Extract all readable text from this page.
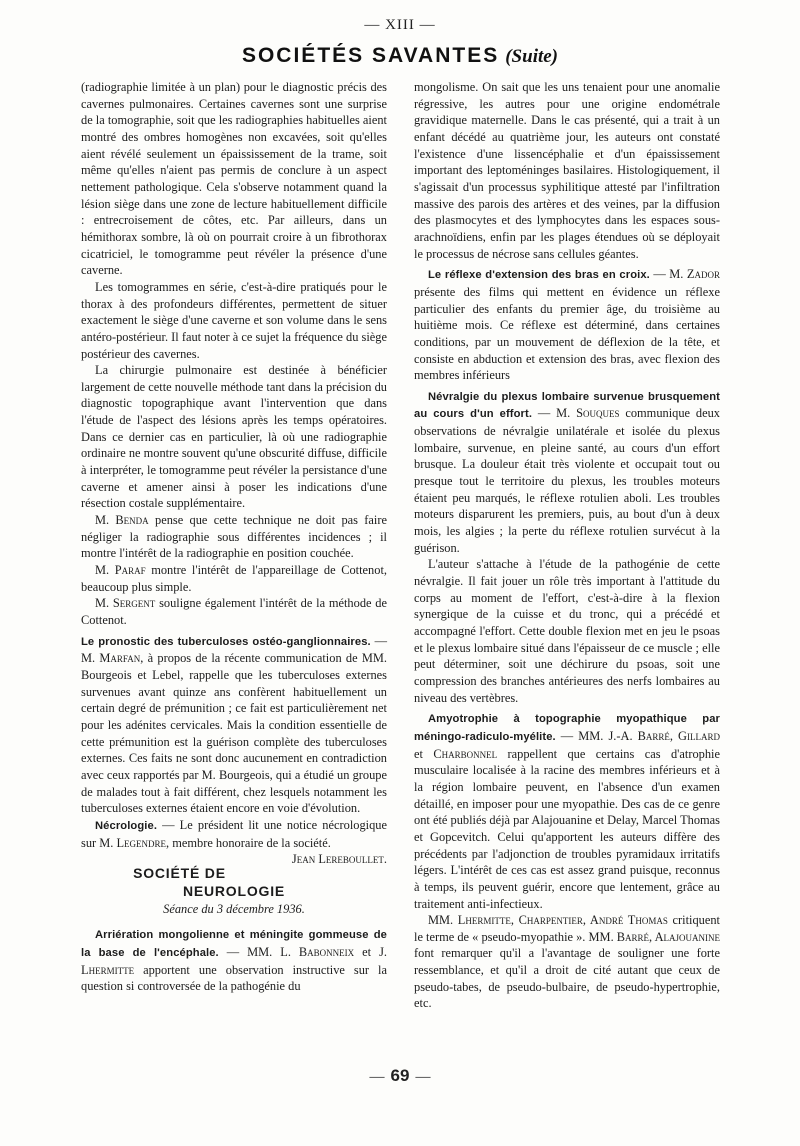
— XIII —
SOCIÉTÉS SAVANTES (Suite)

(radiographie limitée à un plan) pour le diagnostic précis des cavernes pulmonaires. Certaines cavernes sont une surprise de la tomographie, soit que les radiographies habituelles aient montré des ombres homogènes non excavées, soit qu'elles aient révélé seulement un épaississement de la trame, soit même qu'elles n'aient pas permis de conclure à un aspect nettement pathologique. Cela s'observe notamment quand la lésion siège dans une zone de lecture habituellement difficile : entrecroisement de côtes, etc. Par ailleurs, dans un hémithorax sombre, là où on pourrait croire à un fibrothorax cicatriciel, le tomogramme peut révéler la présence d'une caverne.

Les tomogrammes en série, c'est-à-dire pratiqués pour le thorax à des profondeurs différentes, permettent de situer exactement le siège d'une caverne et son volume dans le sens antéro-postérieur. Il faut noter à ce sujet la fréquence du siège postérieur des cavernes.

La chirurgie pulmonaire est destinée à bénéficier largement de cette nouvelle méthode tant dans la précision du diagnostic topographique avant l'intervention que dans l'étude de l'aspect des lésions après les temps opératoires. Dans ce dernier cas en particulier, là où une radiographie ordinaire ne montre souvent qu'une obscurité diffuse, difficile à interpréter, le tomogramme peut révéler la persistance d'une caverne et amener ainsi à poser les indications d'une résection costale supplémentaire.

M. Benda pense que cette technique ne doit pas faire négliger la radiographie sous différentes incidences ; il montre l'intérêt de la radiographie en position couchée.

M. Paraf montre l'intérêt de l'appareillage de Cottenot, beaucoup plus simple.

M. Sergent souligne également l'intérêt de la méthode de Cottenot.

Le pronostic des tuberculoses ostéo-ganglionnaires. — M. Marfan, à propos de la récente communication de MM. Bourgeois et Lebel, rappelle que les tuberculoses externes survenues avant quinze ans confèrent habituellement un certain degré de prémunition ; ce fait est particulièrement net pour les adénites cervicales. Mais la condition essentielle de cette prémunition est la guérison complète des tuberculoses externes. Ces faits ne sont donc aucunement en contradiction avec ceux rapportés par M. Bourgeois, qui a étudié un groupe de malades tout à fait différent, chez lesquels notamment les tuberculoses externes étaient encore en voie d'évolution.

Nécrologie. — Le président lit une notice nécrologique sur M. Legendre, membre honoraire de la société.
Jean Lereboullet.

SOCIÉTÉ DE NEUROLOGIE
Séance du 3 décembre 1936.

Arriération mongolienne et méningite gommeuse de la base de l'encéphale. — MM. L. Babonneix et J. Lhermitte apportent une observation instructive sur la question si controversée de la pathogénie du

mongolisme. On sait que les uns tenaient pour une anomalie régressive, les autres pour une origine endométrale gravidique maternelle. Dans le cas présenté, qui a trait à un enfant décédé au quatrième jour, les auteurs ont constaté l'existence d'une lissencéphalie et d'un épaississement important des leptoméninges basilaires. Histologiquement, il s'agissait d'un processus syphilitique attesté par l'infiltration massive des parois des artères et des veines, par la diffusion des plasmocytes et des lymphocytes dans les espaces sous-arachnoïdiens, enfin par les plages étendues où se déployait le processus de nécrose sans cellules géantes.

Le réflexe d'extension des bras en croix. — M. Zador présente des films qui mettent en évidence un réflexe particulier des enfants du premier âge, du troisième au huitième mois. Ce réflexe est déterminé, dans certaines conditions, par un mouvement de déflexion de la tête, et consiste en abduction et extension des bras, avec flexion des membres inférieurs

Névralgie du plexus lombaire survenue brusquement au cours d'un effort. — M. Souques communique deux observations de névralgie unilatérale et isolée du plexus lombaire, survenue, en pleine santé, au cours d'un effort brusque. La douleur était très violente et occupait tout ou presque tout le territoire du plexus, les troubles moteurs étaient peu marqués, le réflexe rotulien aboli. Les troubles moteurs disparurent les premiers, puis, au bout d'un à deux mois, les algies ; la perte du réflexe rotulien survécut à la guérison.

L'auteur s'attache à l'étude de la pathogénie de cette névralgie. Il fait jouer un rôle très important à l'attitude du corps au moment de l'effort, c'est-à-dire à la flexion synergique de la cuisse et du tronc, qui a précédé et accompagné l'effort. Cette double flexion met en jeu le psoas et le plexus lombaire situé dans l'épaisseur de ce muscle ; elle peut déterminer, soit une déchirure du psoas, soit une compression des branches antérieures des nerfs lombaires au niveau des vertèbres.

Amyotrophie à topographie myopathique par méningo-radiculo-myélite. — MM. J.-A. Barré, Gillard et Charbonnel rappellent que certains cas d'atrophie musculaire localisée à la racine des membres inférieurs et à la région lombaire peuvent, en l'absence d'un examen détaillé, en imposer pour une myopathie. Des cas de ce genre ont été publiés déjà par Alajouanine et Delay, Marcel Thomas et Gopcevitch. Celui qu'apportent les auteurs diffère des précédents par l'adjonction de troubles pyramidaux irritatifs légers. L'intérêt de ces cas est assez grand puisque, reconnus à temps, ils peuvent guérir, encore que lentement, grâce au traitement anti-infectieux.

MM. Lhermitte, Charpentier, André Thomas critiquent le terme de « pseudo-myopathie ». MM. Barré, Alajouanine font remarquer qu'il a l'avantage de souligner une forte ressemblance, et qu'il a droit de cité autant que ceux de pseudo-tabes, de pseudo-bulbaire, de pseudo-hypertrophie, etc.

— 69 —
